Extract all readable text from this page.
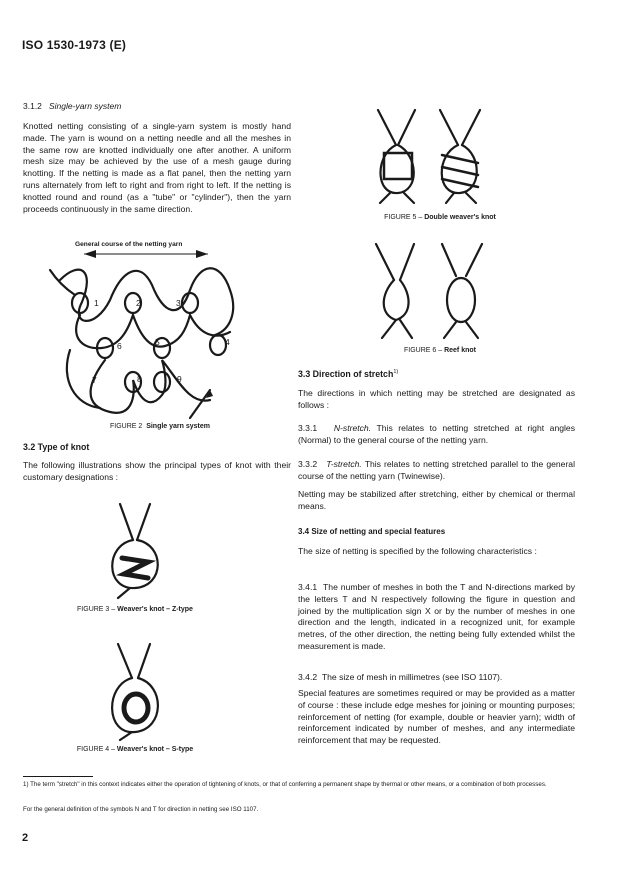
ISO 1530-1973 (E)
3.1.2 Single-yarn system

Knotted netting consisting of a single-yarn system is mostly hand made. The yarn is wound on a netting needle and all the meshes in the same row are knotted individually one after another. A uniform mesh size may be achieved by the use of a mesh gauge during knotting. If the netting is made as a flat panel, then the netting yarn runs alternately from left to right and from right to left. If the netting is knotted round and round (as a "tube" or "cylinder"), then the yarn proceeds continuously in the same direction.

General course of the netting yarn
1	2	3
4
5
6
7	8	9
FIGURE 2 Single yarn system
3.2 Type of knot

The following illustrations show the principal types of knot with their customary designations :

FIGURE 3 – Weaver's knot – Z-type
FIGURE 4 – Weaver's knot – S-type
FIGURE 5 – Double weaver's knot
FIGURE 6 – Reef knot
3.3 Direction of stretch$^{1)}$

The directions in which netting may be stretched are designated as follows :

3.3.1 N-stretch. This relates to netting stretched at right angles (Normal) to the general course of the netting yarn.

3.3.2 T-stretch. This relates to netting stretched parallel to the general course of the netting yarn (Twinewise).

Netting may be stabilized after stretching, either by chemical or thermal means.

3.4 Size of netting and special features

The size of netting is specified by the following characteristics :

3.4.1 The number of meshes in both the T and N-directions marked by the letters T and N respectively following the figure in question and joined by the multiplication sign X or by the number of meshes in one direction and the length, indicated in a recognized unit, for example metres, of the other direction, the netting being fully extended whilst the measurement is made.

3.4.2 The size of mesh in millimetres (see ISO 1107).

Special features are sometimes required or may be provided as a matter of course : these include edge meshes for joining or mounting purposes; reinforcement of netting (for example, double or heavier yarn); width of reinforcement indicated by number of meshes, and any intermediate reinforcement that may be requested.

1) The term "stretch" in this context indicates either the operation of tightening of knots, or that of conferring a permanent shape by thermal or other means, or a combination of both processes.
For the general definition of the symbols N and T for direction in netting see ISO 1107.
2
